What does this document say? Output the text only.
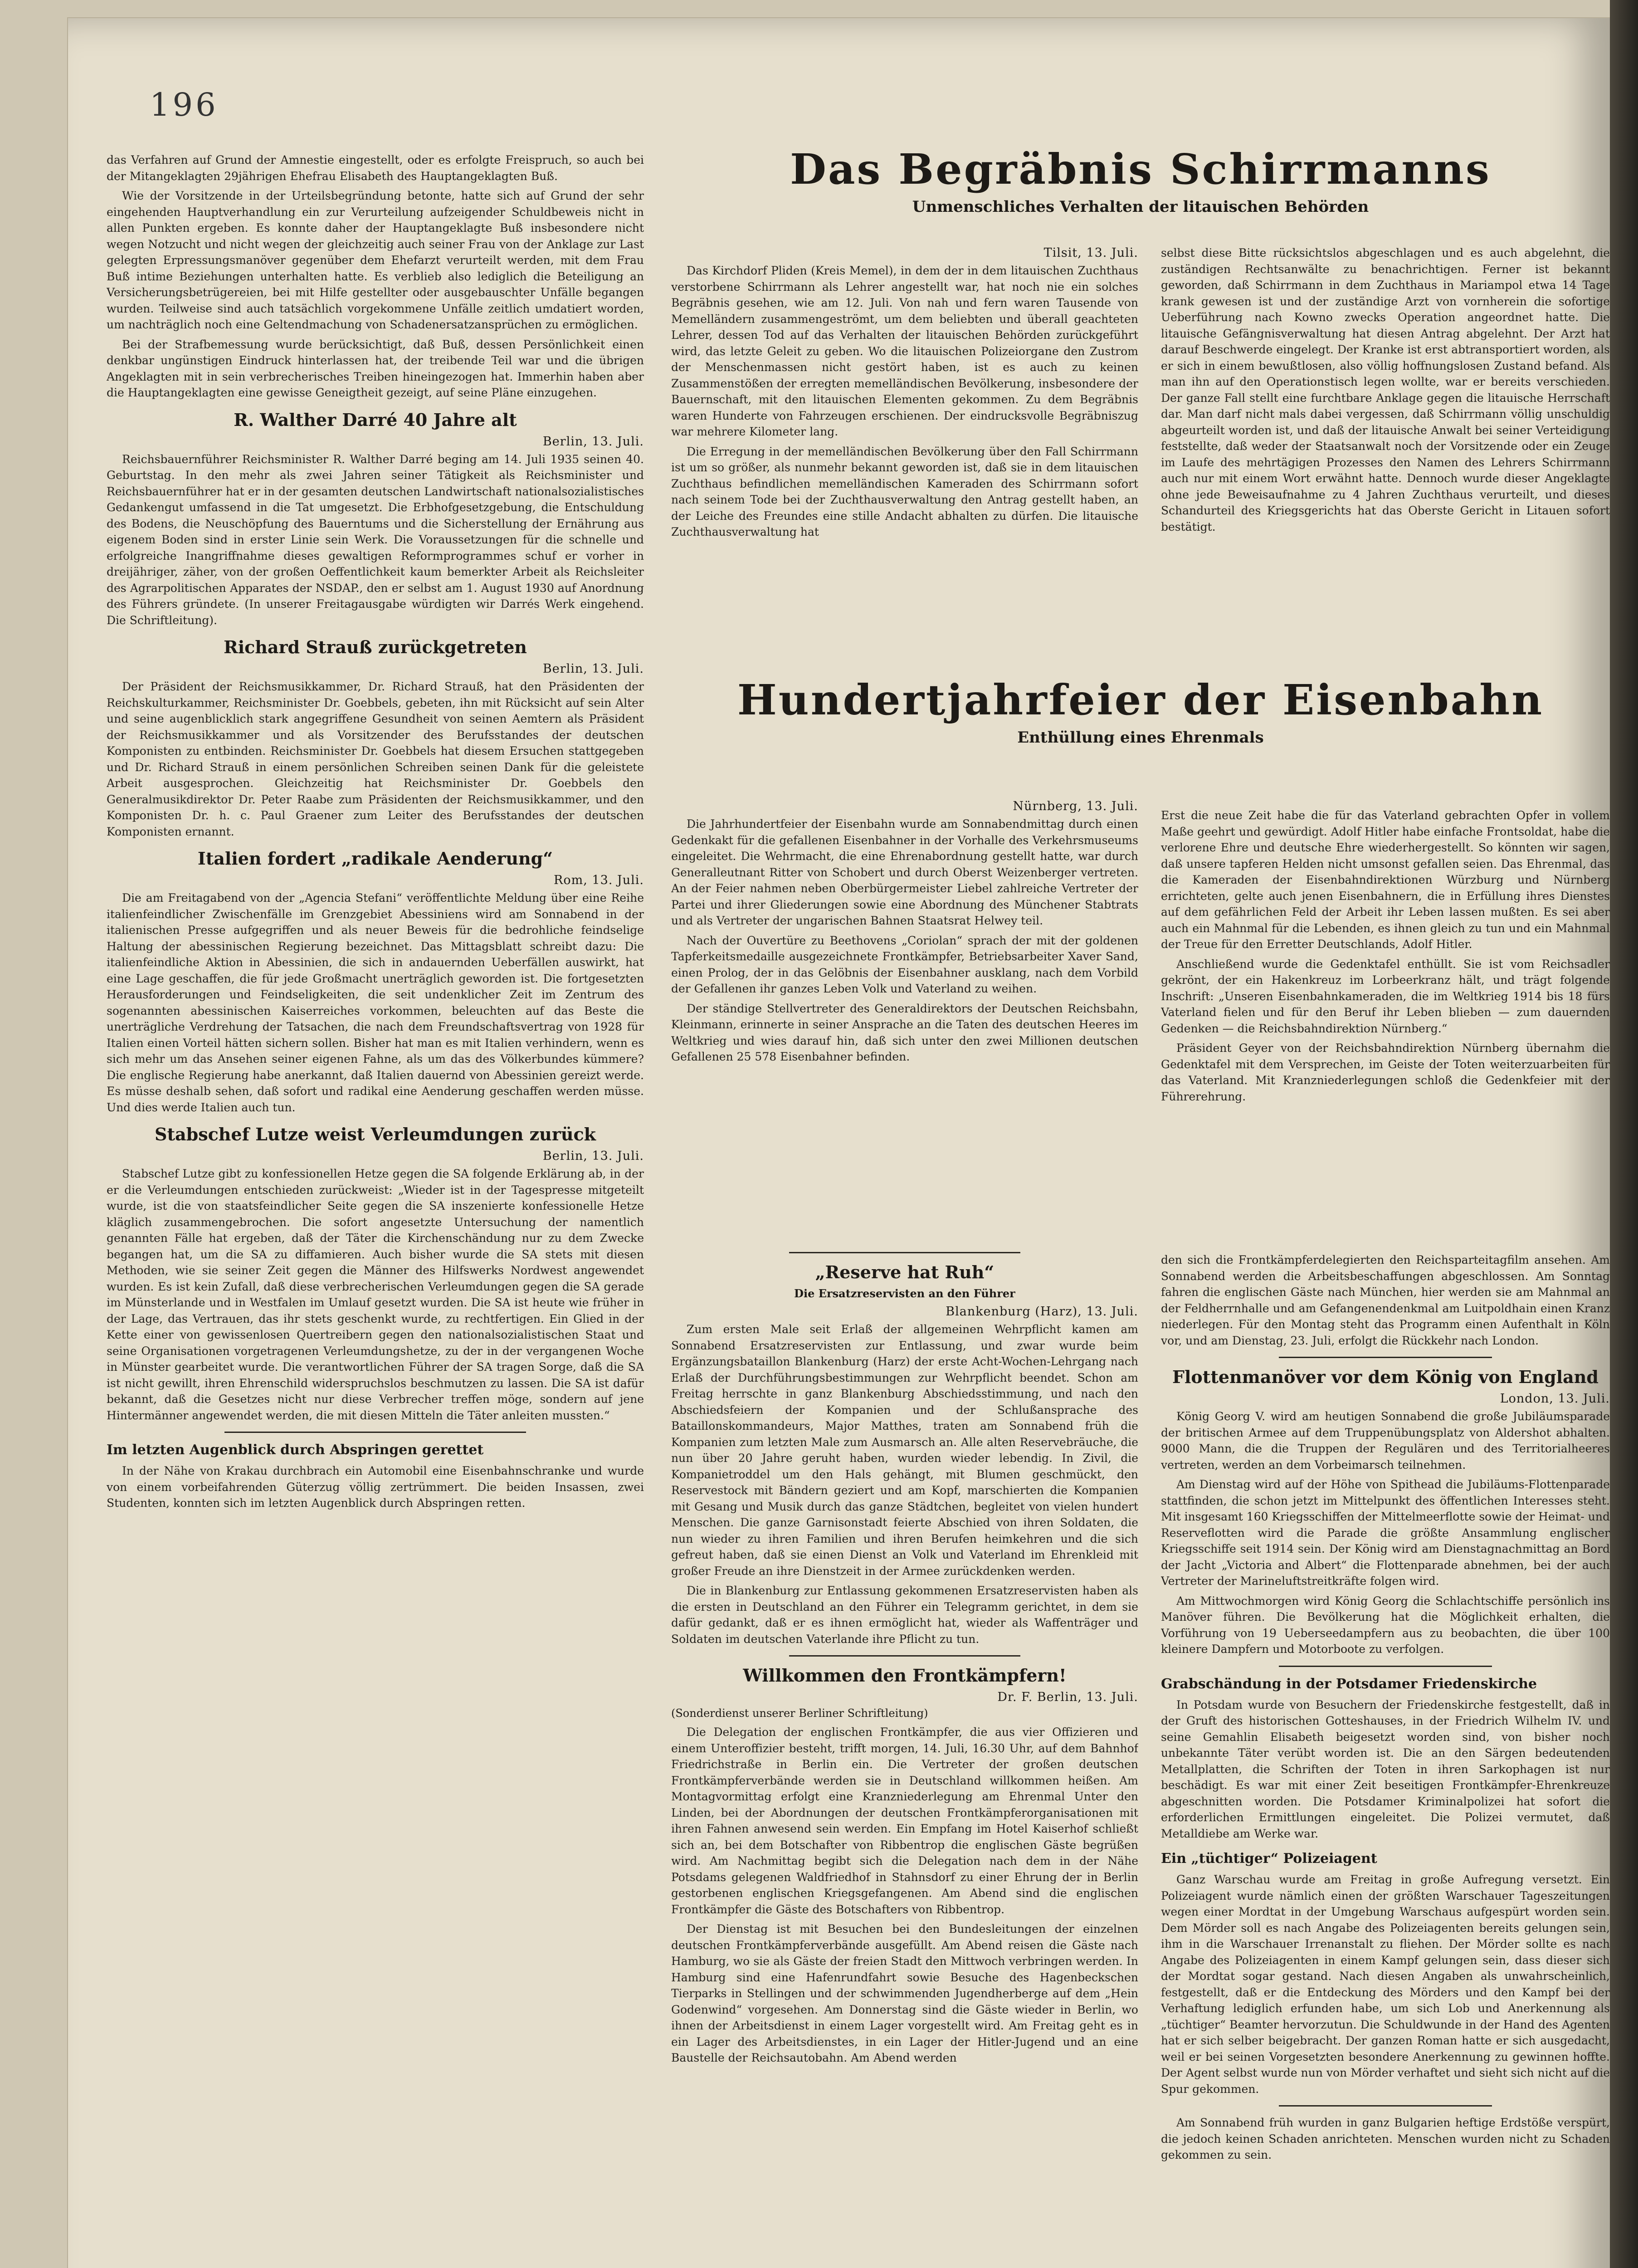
196

das Verfahren auf Grund der Amnestie eingestellt, oder es erfolgte Freispruch, so auch bei der Mitangeklagten 29jährigen Ehefrau Elisabeth des Hauptangeklagten Buß.

Wie der Vorsitzende in der Urteilsbegründung betonte, hatte sich auf Grund der sehr eingehenden Hauptverhandlung ein zur Verurteilung aufzeigender Schuldbeweis nicht in allen Punkten ergeben. Es konnte daher der Hauptangeklagte Buß insbesondere nicht wegen Notzucht und nicht wegen der gleichzeitig auch seiner Frau von der Anklage zur Last gelegten Erpressungsmanöver gegenüber dem Ehefarzt verurteilt werden, mit dem Frau Buß intime Beziehungen unterhalten hatte. Es verblieb also lediglich die Beteiligung an Versicherungsbetrügereien, bei mit Hilfe gestellter oder ausgebauschter Unfälle begangen wurden. Teilweise sind auch tatsächlich vorgekommene Unfälle zeitlich umdatiert worden, um nachträglich noch eine Geltendmachung von Schadenersatzansprüchen zu ermöglichen.

Bei der Strafbemessung wurde berücksichtigt, daß Buß, dessen Persönlichkeit einen denkbar ungünstigen Eindruck hinterlassen hat, der treibende Teil war und die übrigen Angeklagten mit in sein verbrecherisches Treiben hineingezogen hat. Immerhin haben aber die Hauptangeklagten eine gewisse Geneigtheit gezeigt, auf seine Pläne einzugehen.

R. Walther Darré 40 Jahre alt
Berlin, 13. Juli.

Reichsbauernführer Reichsminister R. Walther Darré beging am 14. Juli 1935 seinen 40. Geburtstag. In den mehr als zwei Jahren seiner Tätigkeit als Reichsminister und Reichsbauernführer hat er in der gesamten deutschen Landwirtschaft nationalsozialistisches Gedankengut umfassend in die Tat umgesetzt. Die Erbhofgesetzgebung, die Entschuldung des Bodens, die Neuschöpfung des Bauerntums und die Sicherstellung der Ernährung aus eigenem Boden sind in erster Linie sein Werk. Die Voraussetzungen für die schnelle und erfolgreiche Inangriffnahme dieses gewaltigen Reformprogrammes schuf er vorher in dreijähriger, zäher, von der großen Oeffentlichkeit kaum bemerkter Arbeit als Reichsleiter des Agrarpolitischen Apparates der NSDAP., den er selbst am 1. August 1930 auf Anordnung des Führers gründete. (In unserer Freitagausgabe würdigten wir Darrés Werk eingehend. Die Schriftleitung).

Richard Strauß zurückgetreten
Berlin, 13. Juli.

Der Präsident der Reichsmusikkammer, Dr. Richard Strauß, hat den Präsidenten der Reichskulturkammer, Reichsminister Dr. Goebbels, gebeten, ihn mit Rücksicht auf sein Alter und seine augenblicklich stark angegriffene Gesundheit von seinen Aemtern als Präsident der Reichsmusikkammer und als Vorsitzender des Berufsstandes der deutschen Komponisten zu entbinden. Reichsminister Dr. Goebbels hat diesem Ersuchen stattgegeben und Dr. Richard Strauß in einem persönlichen Schreiben seinen Dank für die geleistete Arbeit ausgesprochen. Gleichzeitig hat Reichsminister Dr. Goebbels den Generalmusikdirektor Dr. Peter Raabe zum Präsidenten der Reichsmusikkammer, und den Komponisten Dr. h. c. Paul Graener zum Leiter des Berufsstandes der deutschen Komponisten ernannt.

Italien fordert „radikale Aenderung“
Rom, 13. Juli.

Die am Freitagabend von der „Agencia Stefani“ veröffentlichte Meldung über eine Reihe italienfeindlicher Zwischenfälle im Grenzgebiet Abessiniens wird am Sonnabend in der italienischen Presse aufgegriffen und als neuer Beweis für die bedrohliche feindselige Haltung der abessinischen Regierung bezeichnet. Das Mittagsblatt schreibt dazu: Die italienfeindliche Aktion in Abessinien, die sich in andauernden Ueberfällen auswirkt, hat eine Lage geschaffen, die für jede Großmacht unerträglich geworden ist. Die fortgesetzten Herausforderungen und Feindseligkeiten, die seit undenklicher Zeit im Zentrum des sogenannten abessinischen Kaiserreiches vorkommen, beleuchten auf das Beste die unerträgliche Verdrehung der Tatsachen, die nach dem Freundschaftsvertrag von 1928 für Italien einen Vorteil hätten sichern sollen. Bisher hat man es mit Italien verhindern, wenn es sich mehr um das Ansehen seiner eigenen Fahne, als um das des Völkerbundes kümmere? Die englische Regierung habe anerkannt, daß Italien dauernd von Abessinien gereizt werde. Es müsse deshalb sehen, daß sofort und radikal eine Aenderung geschaffen werden müsse. Und dies werde Italien auch tun.

Stabschef Lutze weist Verleumdungen zurück
Berlin, 13. Juli.

Stabschef Lutze gibt zu konfessionellen Hetze gegen die SA folgende Erklärung ab, in der er die Verleumdungen entschieden zurückweist: „Wieder ist in der Tagespresse mitgeteilt wurde, ist die von staatsfeindlicher Seite gegen die SA inszenierte konfessionelle Hetze kläglich zusammengebrochen. Die sofort angesetzte Untersuchung der namentlich genannten Fälle hat ergeben, daß der Täter die Kirchenschändung nur zu dem Zwecke begangen hat, um die SA zu diffamieren. Auch bisher wurde die SA stets mit diesen Methoden, wie sie seiner Zeit gegen die Männer des Hilfswerks Nordwest angewendet wurden. Es ist kein Zufall, daß diese verbrecherischen Verleumdungen gegen die SA gerade im Münsterlande und in Westfalen im Umlauf gesetzt wurden. Die SA ist heute wie früher in der Lage, das Vertrauen, das ihr stets geschenkt wurde, zu rechtfertigen. Ein Glied in der Kette einer von gewissenlosen Quertreibern gegen den nationalsozialistischen Staat und seine Organisationen vorgetragenen Verleumdungshetze, zu der in der vergangenen Woche in Münster gearbeitet wurde. Die verantwortlichen Führer der SA tragen Sorge, daß die SA ist nicht gewillt, ihren Ehrenschild widerspruchslos beschmutzen zu lassen. Die SA ist dafür bekannt, daß die Gesetzes nicht nur diese Verbrecher treffen möge, sondern auf jene Hintermänner angewendet werden, die mit diesen Mitteln die Täter anleiten mussten.“

Im letzten Augenblick durch Abspringen gerettet

In der Nähe von Krakau durchbrach ein Automobil eine Eisenbahnschranke und wurde von einem vorbeifahrenden Güterzug völlig zertrümmert. Die beiden Insassen, zwei Studenten, konnten sich im letzten Augenblick durch Abspringen retten.

Das Begräbnis Schirrmanns
Unmenschliches Verhalten der litauischen Behörden
Tilsit, 13. Juli.

Das Kirchdorf Pliden (Kreis Memel), in dem der in dem litauischen Zuchthaus verstorbene Schirrmann als Lehrer angestellt war, hat noch nie ein solches Begräbnis gesehen, wie am 12. Juli. Von nah und fern waren Tausende von Memelländern zusammengeströmt, um dem beliebten und überall geachteten Lehrer, dessen Tod auf das Verhalten der litauischen Behörden zurückgeführt wird, das letzte Geleit zu geben. Wo die litauischen Polizeiorgane den Zustrom der Menschenmassen nicht gestört haben, ist es auch zu keinen Zusammenstößen der erregten memelländischen Bevölkerung, insbesondere der Bauernschaft, mit den litauischen Elementen gekommen. Zu dem Begräbnis waren Hunderte von Fahrzeugen erschienen. Der eindrucksvolle Begräbniszug war mehrere Kilometer lang.

Die Erregung in der memelländischen Bevölkerung über den Fall Schirrmann ist um so größer, als nunmehr bekannt geworden ist, daß sie in dem litauischen Zuchthaus befindlichen memelländischen Kameraden des Schirrmann sofort nach seinem Tode bei der Zuchthausverwaltung den Antrag gestellt haben, an der Leiche des Freundes eine stille Andacht abhalten zu dürfen. Die litauische Zuchthausverwaltung hat

selbst diese Bitte rücksichtslos abgeschlagen und es auch abgelehnt, die zuständigen Rechtsanwälte zu benachrichtigen. Ferner ist bekannt geworden, daß Schirrmann in dem Zuchthaus in Mariampol etwa 14 Tage krank gewesen ist und der zuständige Arzt von vornherein die sofortige Ueberführung nach Kowno zwecks Operation angeordnet hatte. Die litauische Gefängnisverwaltung hat diesen Antrag abgelehnt. Der Arzt hat darauf Beschwerde eingelegt. Der Kranke ist erst abtransportiert worden, als er sich in einem bewußtlosen, also völlig hoffnungslosen Zustand befand. Als man ihn auf den Operationstisch legen wollte, war er bereits verschieden. Der ganze Fall stellt eine furchtbare Anklage gegen die litauische Herrschaft dar. Man darf nicht mals dabei vergessen, daß Schirrmann völlig unschuldig abgeurteilt worden ist, und daß der litauische Anwalt bei seiner Verteidigung feststellte, daß weder der Staatsanwalt noch der Vorsitzende oder ein Zeuge im Laufe des mehrtägigen Prozesses den Namen des Lehrers Schirrmann auch nur mit einem Wort erwähnt hatte. Dennoch wurde dieser Angeklagte ohne jede Beweisaufnahme zu 4 Jahren Zuchthaus verurteilt, und dieses Schandurteil des Kriegsgerichts hat das Oberste Gericht in Litauen sofort bestätigt.

Hundertjahrfeier der Eisenbahn
Enthüllung eines Ehrenmals
Nürnberg, 13. Juli.

Die Jahrhundertfeier der Eisenbahn wurde am Sonnabendmittag durch einen Gedenkakt für die gefallenen Eisenbahner in der Vorhalle des Verkehrsmuseums eingeleitet. Die Wehrmacht, die eine Ehrenabordnung gestellt hatte, war durch Generalleutnant Ritter von Schobert und durch Oberst Weizenberger vertreten. An der Feier nahmen neben Oberbürgermeister Liebel zahlreiche Vertreter der Partei und ihrer Gliederungen sowie eine Abordnung des Münchener Stabtrats und als Vertreter der ungarischen Bahnen Staatsrat Helwey teil.

Nach der Ouvertüre zu Beethovens „Coriolan“ sprach der mit der goldenen Tapferkeitsmedaille ausgezeichnete Frontkämpfer, Betriebsarbeiter Xaver Sand, einen Prolog, der in das Gelöbnis der Eisenbahner ausklang, nach dem Vorbild der Gefallenen ihr ganzes Leben Volk und Vaterland zu weihen.

Der ständige Stellvertreter des Generaldirektors der Deutschen Reichsbahn, Kleinmann, erinnerte in seiner Ansprache an die Taten des deutschen Heeres im Weltkrieg und wies darauf hin, daß sich unter den zwei Millionen deutschen Gefallenen 25 578 Eisenbahner befinden.

Erst die neue Zeit habe die für das Vaterland gebrachten Opfer in vollem Maße geehrt und gewürdigt. Adolf Hitler habe einfache Frontsoldat, habe die verlorene Ehre und deutsche Ehre wiederhergestellt. So könnten wir sagen, daß unsere tapferen Helden nicht umsonst gefallen seien. Das Ehrenmal, das die Kameraden der Eisenbahndirektionen Würzburg und Nürnberg errichteten, gelte auch jenen Eisenbahnern, die in Erfüllung ihres Dienstes auf dem gefährlichen Feld der Arbeit ihr Leben lassen mußten. Es sei aber auch ein Mahnmal für die Lebenden, es ihnen gleich zu tun und ein Mahnmal der Treue für den Erretter Deutschlands, Adolf Hitler.

Anschließend wurde die Gedenktafel enthüllt. Sie ist vom Reichsadler gekrönt, der ein Hakenkreuz im Lorbeerkranz hält, und trägt folgende Inschrift: „Unseren Eisenbahnkameraden, die im Weltkrieg 1914 bis 18 fürs Vaterland fielen und für den Beruf ihr Leben blieben — zum dauernden Gedenken — die Reichsbahndirektion Nürnberg.“

Präsident Geyer von der Reichsbahndirektion Nürnberg übernahm die Gedenktafel mit dem Versprechen, im Geiste der Toten weiterzuarbeiten für das Vaterland. Mit Kranzniederlegungen schloß die Gedenkfeier mit der Führerehrung.

„Reserve hat Ruh“
Die Ersatzreservisten an den Führer
Blankenburg (Harz), 13. Juli.

Zum ersten Male seit Erlaß der allgemeinen Wehrpflicht kamen am Sonnabend Ersatzreservisten zur Entlassung, und zwar wurde beim Ergänzungsbataillon Blankenburg (Harz) der erste Acht-Wochen-Lehrgang nach Erlaß der Durchführungsbestimmungen zur Wehrpflicht beendet. Schon am Freitag herrschte in ganz Blankenburg Abschiedsstimmung, und nach den Abschiedsfeiern der Kompanien und der Schlußansprache des Bataillonskommandeurs, Major Matthes, traten am Sonnabend früh die Kompanien zum letzten Male zum Ausmarsch an. Alle alten Reservebräuche, die nun über 20 Jahre geruht haben, wurden wieder lebendig. In Zivil, die Kompanietroddel um den Hals gehängt, mit Blumen geschmückt, den Reservestock mit Bändern geziert und am Kopf, marschierten die Kompanien mit Gesang und Musik durch das ganze Städtchen, begleitet von vielen hundert Menschen. Die ganze Garnisonstadt feierte Abschied von ihren Soldaten, die nun wieder zu ihren Familien und ihren Berufen heimkehren und die sich gefreut haben, daß sie einen Dienst an Volk und Vaterland im Ehrenkleid mit großer Freude an ihre Dienstzeit in der Armee zurückdenken werden.

Die in Blankenburg zur Entlassung gekommenen Ersatzreservisten haben als die ersten in Deutschland an den Führer ein Telegramm gerichtet, in dem sie dafür gedankt, daß er es ihnen ermöglicht hat, wieder als Waffenträger und Soldaten im deutschen Vaterlande ihre Pflicht zu tun.

Willkommen den Frontkämpfern!
Dr. F. Berlin, 13. Juli.
(Sonderdienst unserer Berliner Schriftleitung)

Die Delegation der englischen Frontkämpfer, die aus vier Offizieren und einem Unteroffizier besteht, trifft morgen, 14. Juli, 16.30 Uhr, auf dem Bahnhof Friedrichstraße in Berlin ein. Die Vertreter der großen deutschen Frontkämpferverbände werden sie in Deutschland willkommen heißen. Am Montagvormittag erfolgt eine Kranzniederlegung am Ehrenmal Unter den Linden, bei der Abordnungen der deutschen Frontkämpferorganisationen mit ihren Fahnen anwesend sein werden. Ein Empfang im Hotel Kaiserhof schließt sich an, bei dem Botschafter von Ribbentrop die englischen Gäste begrüßen wird. Am Nachmittag begibt sich die Delegation nach dem in der Nähe Potsdams gelegenen Waldfriedhof in Stahnsdorf zu einer Ehrung der in Berlin gestorbenen englischen Kriegsgefangenen. Am Abend sind die englischen Frontkämpfer die Gäste des Botschafters von Ribbentrop.

Der Dienstag ist mit Besuchen bei den Bundesleitungen der einzelnen deutschen Frontkämpferverbände ausgefüllt. Am Abend reisen die Gäste nach Hamburg, wo sie als Gäste der freien Stadt den Mittwoch verbringen werden. In Hamburg sind eine Hafenrundfahrt sowie Besuche des Hagenbeckschen Tierparks in Stellingen und der schwimmenden Jugendherberge auf dem „Hein Godenwind“ vorgesehen. Am Donnerstag sind die Gäste wieder in Berlin, wo ihnen der Arbeitsdienst in einem Lager vorgestellt wird. Am Freitag geht es in ein Lager des Arbeitsdienstes, in ein Lager der Hitler-Jugend und an eine Baustelle der Reichsautobahn. Am Abend werden

den sich die Frontkämpferdelegierten den Reichsparteitagfilm ansehen. Am Sonnabend werden die Arbeitsbeschaffungen abgeschlossen. Am Sonntag fahren die englischen Gäste nach München, hier werden sie am Mahnmal an der Feldherrnhalle und am Gefangenendenkmal am Luitpoldhain einen Kranz niederlegen. Für den Montag steht das Programm einen Aufenthalt in Köln vor, und am Dienstag, 23. Juli, erfolgt die Rückkehr nach London.

Flottenmanöver vor dem König von England
London, 13. Juli.

König Georg V. wird am heutigen Sonnabend die große Jubiläumsparade der britischen Armee auf dem Truppenübungsplatz von Aldershot abhalten. 9000 Mann, die die Truppen der Regulären und des Territorialheeres vertreten, werden an dem Vorbeimarsch teilnehmen.

Am Dienstag wird auf der Höhe von Spithead die Jubiläums-Flottenparade stattfinden, die schon jetzt im Mittelpunkt des öffentlichen Interesses steht. Mit insgesamt 160 Kriegsschiffen der Mittelmeerflotte sowie der Heimat- und Reserveflotten wird die Parade die größte Ansammlung englischer Kriegsschiffe seit 1914 sein. Der König wird am Dienstagnachmittag an Bord der Jacht „Victoria and Albert“ die Flottenparade abnehmen, bei der auch Vertreter der Marineluftstreitkräfte folgen wird.

Am Mittwochmorgen wird König Georg die Schlachtschiffe persönlich ins Manöver führen. Die Bevölkerung hat die Möglichkeit erhalten, die Vorführung von 19 Ueberseedampfern aus zu beobachten, die über 100 kleinere Dampfern und Motorboote zu verfolgen.

Grabschändung in der Potsdamer Friedenskirche

In Potsdam wurde von Besuchern der Friedenskirche festgestellt, daß in der Gruft des historischen Gotteshauses, in der Friedrich Wilhelm IV. und seine Gemahlin Elisabeth beigesetzt worden sind, von bisher noch unbekannte Täter verübt worden ist. Die an den Särgen bedeutenden Metallplatten, die Schriften der Toten in ihren Sarkophagen ist nur beschädigt. Es war mit einer Zeit beseitigen Frontkämpfer-Ehrenkreuze abgeschnitten worden. Die Potsdamer Kriminalpolizei hat sofort die erforderlichen Ermittlungen eingeleitet. Die Polizei vermutet, daß Metalldiebe am Werke war.

Ein „tüchtiger“ Polizeiagent

Ganz Warschau wurde am Freitag in große Aufregung versetzt. Ein Polizeiagent wurde nämlich einen der größten Warschauer Tageszeitungen wegen einer Mordtat in der Umgebung Warschaus aufgespürt worden sein. Dem Mörder soll es nach Angabe des Polizeiagenten bereits gelungen sein, ihm in die Warschauer Irrenanstalt zu fliehen. Der Mörder sollte es nach Angabe des Polizeiagenten in einem Kampf gelungen sein, dass dieser sich der Mordtat sogar gestand. Nach diesen Angaben als unwahrscheinlich, festgestellt, daß er die Entdeckung des Mörders und den Kampf bei der Verhaftung lediglich erfunden habe, um sich Lob und Anerkennung als „tüchtiger“ Beamter hervorzutun. Die Schuldwunde in der Hand des Agenten hat er sich selber beigebracht. Der ganzen Roman hatte er sich ausgedacht, weil er bei seinen Vorgesetzten besondere Anerkennung zu gewinnen hoffte. Der Agent selbst wurde nun von Mörder verhaftet und sieht sich nicht auf die Spur gekommen.

Am Sonnabend früh wurden in ganz Bulgarien heftige Erdstöße verspürt, die jedoch keinen Schaden anrichteten. Menschen wurden nicht zu Schaden gekommen zu sein.
